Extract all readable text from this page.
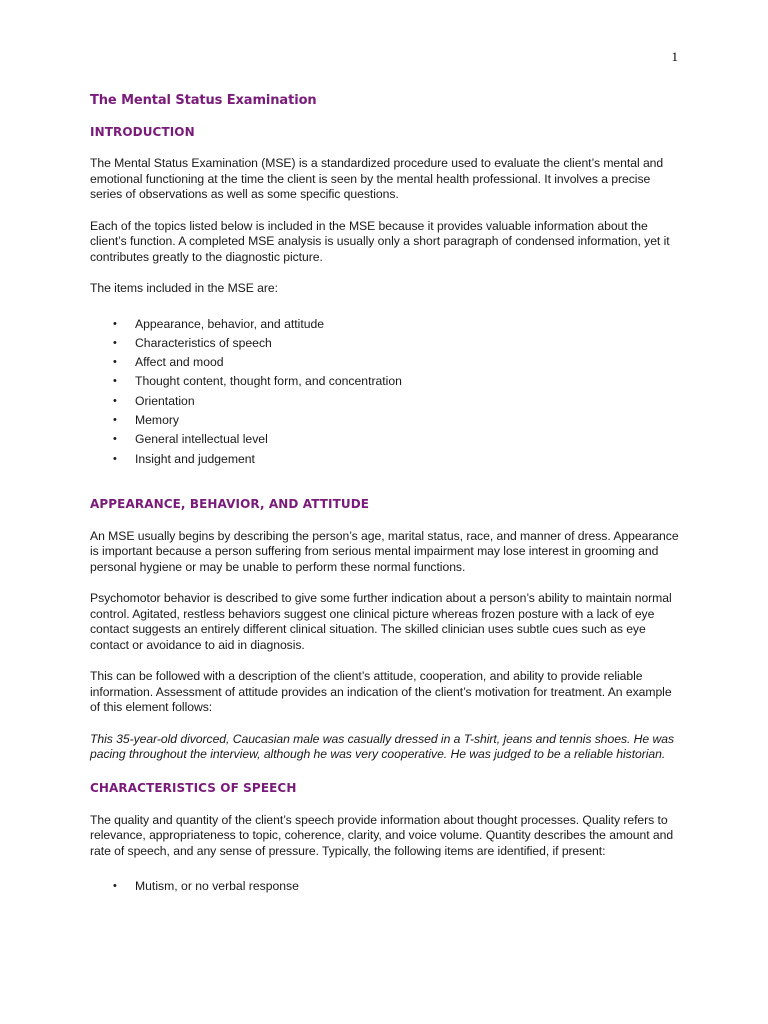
1
The Mental Status Examination
INTRODUCTION

The Mental Status Examination (MSE) is a standardized procedure used to evaluate the client’s mental and emotional functioning at the time the client is seen by the mental health professional. It involves a precise series of observations as well as some specific questions.

Each of the topics listed below is included in the MSE because it provides valuable information about the client’s function. A completed MSE analysis is usually only a short paragraph of condensed information, yet it contributes greatly to the diagnostic picture.

The items included in the MSE are:

• Appearance, behavior, and attitude
• Characteristics of speech
• Affect and mood
• Thought content, thought form, and concentration
• Orientation
• Memory
• General intellectual level
• Insight and judgement
APPEARANCE, BEHAVIOR, AND ATTITUDE

An MSE usually begins by describing the person’s age, marital status, race, and manner of dress. Appearance is important because a person suffering from serious mental impairment may lose interest in grooming and personal hygiene or may be unable to perform these normal functions.

Psychomotor behavior is described to give some further indication about a person’s ability to maintain normal control. Agitated, restless behaviors suggest one clinical picture whereas frozen posture with a lack of eye contact suggests an entirely different clinical situation. The skilled clinician uses subtle cues such as eye contact or avoidance to aid in diagnosis.

This can be followed with a description of the client’s attitude, cooperation, and ability to provide reliable information. Assessment of attitude provides an indication of the client’s motivation for treatment. An example of this element follows:

This 35-year-old divorced, Caucasian male was casually dressed in a T-shirt, jeans and tennis shoes. He was pacing throughout the interview, although he was very cooperative. He was judged to be a reliable historian.

CHARACTERISTICS OF SPEECH

The quality and quantity of the client’s speech provide information about thought processes. Quality refers to relevance, appropriateness to topic, coherence, clarity, and voice volume. Quantity describes the amount and rate of speech, and any sense of pressure. Typically, the following items are identified, if present:

• Mutism, or no verbal response
